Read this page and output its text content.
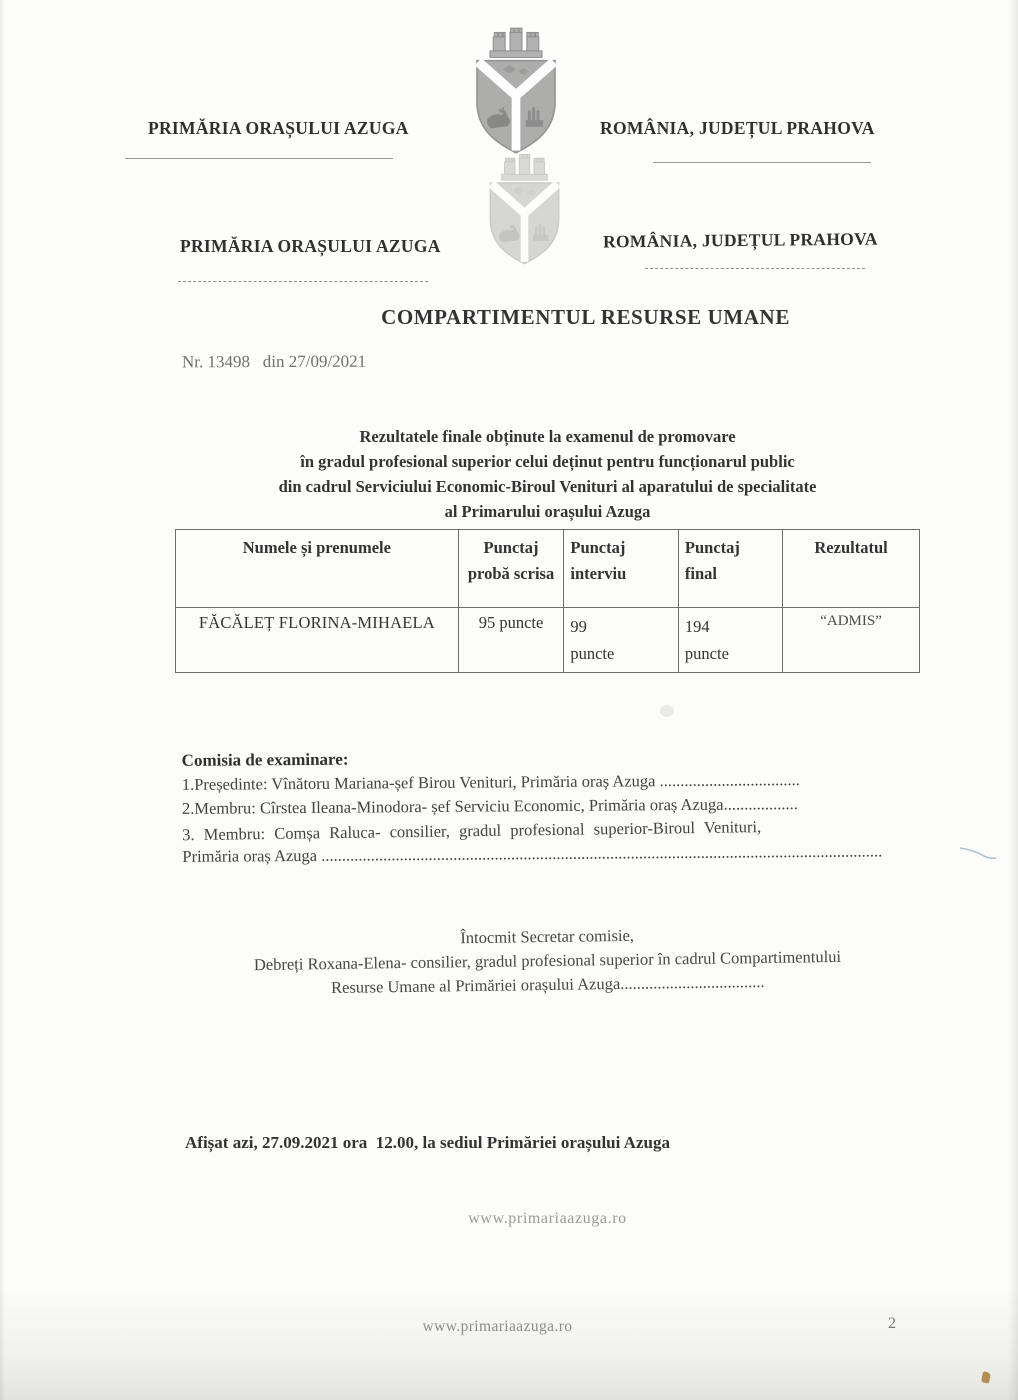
PRIMĂRIA ORAȘULUI AZUGA	ROMÂNIA, JUDEȚUL PRAHOVA
PRIMĂRIA ORAȘULUI AZUGA	ROMÂNIA, JUDEȚUL PRAHOVA
COMPARTIMENTUL RESURSE UMANE
Nr. 13498   din 27/09/2021
Rezultatele finale obținute la examenul de promovare
în gradul profesional superior celui deținut pentru funcționarul public
din cadrul Serviciului Economic-Biroul Venituri al aparatului de specialitate
al Primarului orașului Azuga
Numele și prenumele	Punctaj probă scrisa	Punctaj interviu	Punctaj final	Rezultatul
FĂCĂLEȚ FLORINA-MIHAELA	95 puncte	99 puncte	194 puncte	“ADMIS”
Comisia de examinare:
1.Președinte: Vînătoru Mariana-șef Birou Venituri, Primăria oraș Azuga ..................................
2.Membru: Cîrstea Ileana-Minodora- șef Serviciu Economic, Primăria oraș Azuga..................
3. Membru: Comșa Raluca- consilier, gradul profesional superior-Biroul Venituri,
Primăria oraș Azuga ........................................................................................................................................
Întocmit Secretar comisie,
Debreți Roxana-Elena- consilier, gradul profesional superior în cadrul Compartimentului
Resurse Umane al Primăriei orașului Azuga...................................
Afișat azi, 27.09.2021 ora  12.00, la sediul Primăriei orașului Azuga
www.primariaazuga.ro
www.primariaazuga.ro	2
